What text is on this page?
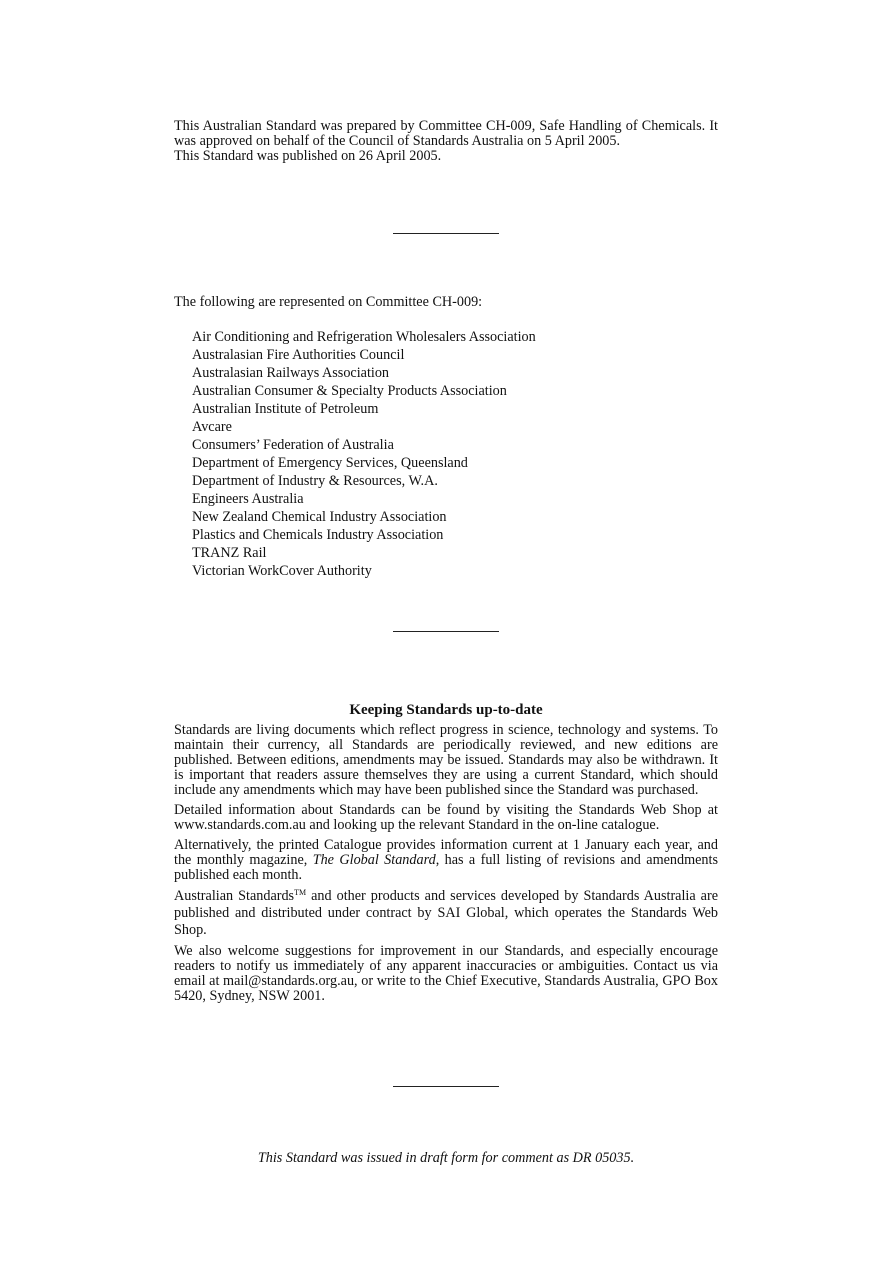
This Australian Standard was prepared by Committee CH-009, Safe Handling of Chemicals. It was approved on behalf of the Council of Standards Australia on 5 April 2005.

This Standard was published on 26 April 2005.

The following are represented on Committee CH-009:

Air Conditioning and Refrigeration Wholesalers Association
Australasian Fire Authorities Council
Australasian Railways Association
Australian Consumer & Specialty Products Association
Australian Institute of Petroleum
Avcare
Consumers’ Federation of Australia
Department of Emergency Services, Queensland
Department of Industry & Resources, W.A.
Engineers Australia
New Zealand Chemical Industry Association
Plastics and Chemicals Industry Association
TRANZ Rail
Victorian WorkCover Authority
Keeping Standards up-to-date

Standards are living documents which reflect progress in science, technology and systems. To maintain their currency, all Standards are periodically reviewed, and new editions are published. Between editions, amendments may be issued. Standards may also be withdrawn. It is important that readers assure themselves they are using a current Standard, which should include any amendments which may have been published since the Standard was purchased.

Detailed information about Standards can be found by visiting the Standards Web Shop at www.standards.com.au and looking up the relevant Standard in the on-line catalogue.

Alternatively, the printed Catalogue provides information current at 1 January each year, and the monthly magazine, The Global Standard, has a full listing of revisions and amendments published each month.

Australian Standards™ and other products and services developed by Standards Australia are published and distributed under contract by SAI Global, which operates the Standards Web Shop.

We also welcome suggestions for improvement in our Standards, and especially encourage readers to notify us immediately of any apparent inaccuracies or ambiguities. Contact us via email at mail@standards.org.au, or write to the Chief Executive, Standards Australia, GPO Box 5420, Sydney, NSW 2001.

This Standard was issued in draft form for comment as DR 05035.
